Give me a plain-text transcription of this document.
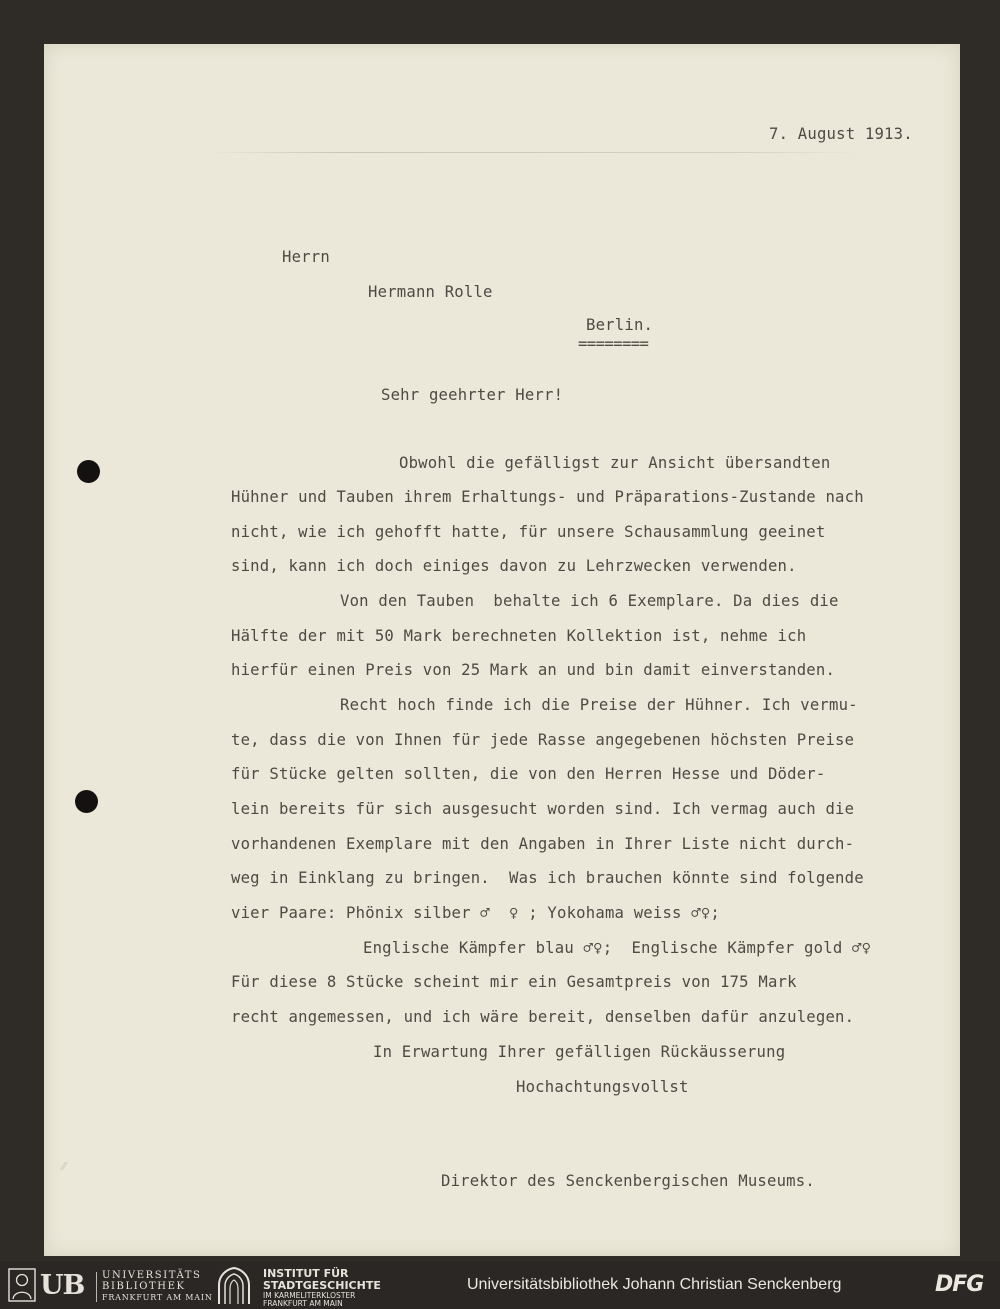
⁄⁄
7. August 1913.
Herrn
Hermann Rolle
Berlin.
========
Sehr geehrter Herr!
Obwohl die gefälligst zur Ansicht übersandten
Hühner und Tauben ihrem Erhaltungs- und Präparations-Zustande nach
nicht, wie ich gehofft hatte, für unsere Schausammlung geeinet
sind, kann ich doch einiges davon zu Lehrzwecken verwenden.
Von den Tauben  behalte ich 6 Exemplare. Da dies die
Hälfte der mit 50 Mark berechneten Kollektion ist, nehme ich
hierfür einen Preis von 25 Mark an und bin damit einverstanden.
Recht hoch finde ich die Preise der Hühner. Ich vermu-
te, dass die von Ihnen für jede Rasse angegebenen höchsten Preise
für Stücke gelten sollten, die von den Herren Hesse und Döder-
lein bereits für sich ausgesucht worden sind. Ich vermag auch die
vorhandenen Exemplare mit den Angaben in Ihrer Liste nicht durch-
weg in Einklang zu bringen.  Was ich brauchen könnte sind folgende
vier Paare: Phönix silber ♂  ♀ ; Yokohama weiss ♂♀;
Englische Kämpfer blau ♂♀;  Englische Kämpfer gold ♂♀
Für diese 8 Stücke scheint mir ein Gesamtpreis von 175 Mark
recht angemessen, und ich wäre bereit, denselben dafür anzulegen.
In Erwartung Ihrer gefälligen Rückäusserung
Hochachtungsvollst
Direktor des Senckenbergischen Museums.
UB UNIVERSITÄTS
BIBLIOTHEK
FRANKFURT AM MAIN
INSTITUT FÜR
STADTGESCHICHTE
IM KARMELITERKLOSTER
FRANKFURT AM MAIN
Universitätsbibliothek Johann Christian Senckenberg	DFG
